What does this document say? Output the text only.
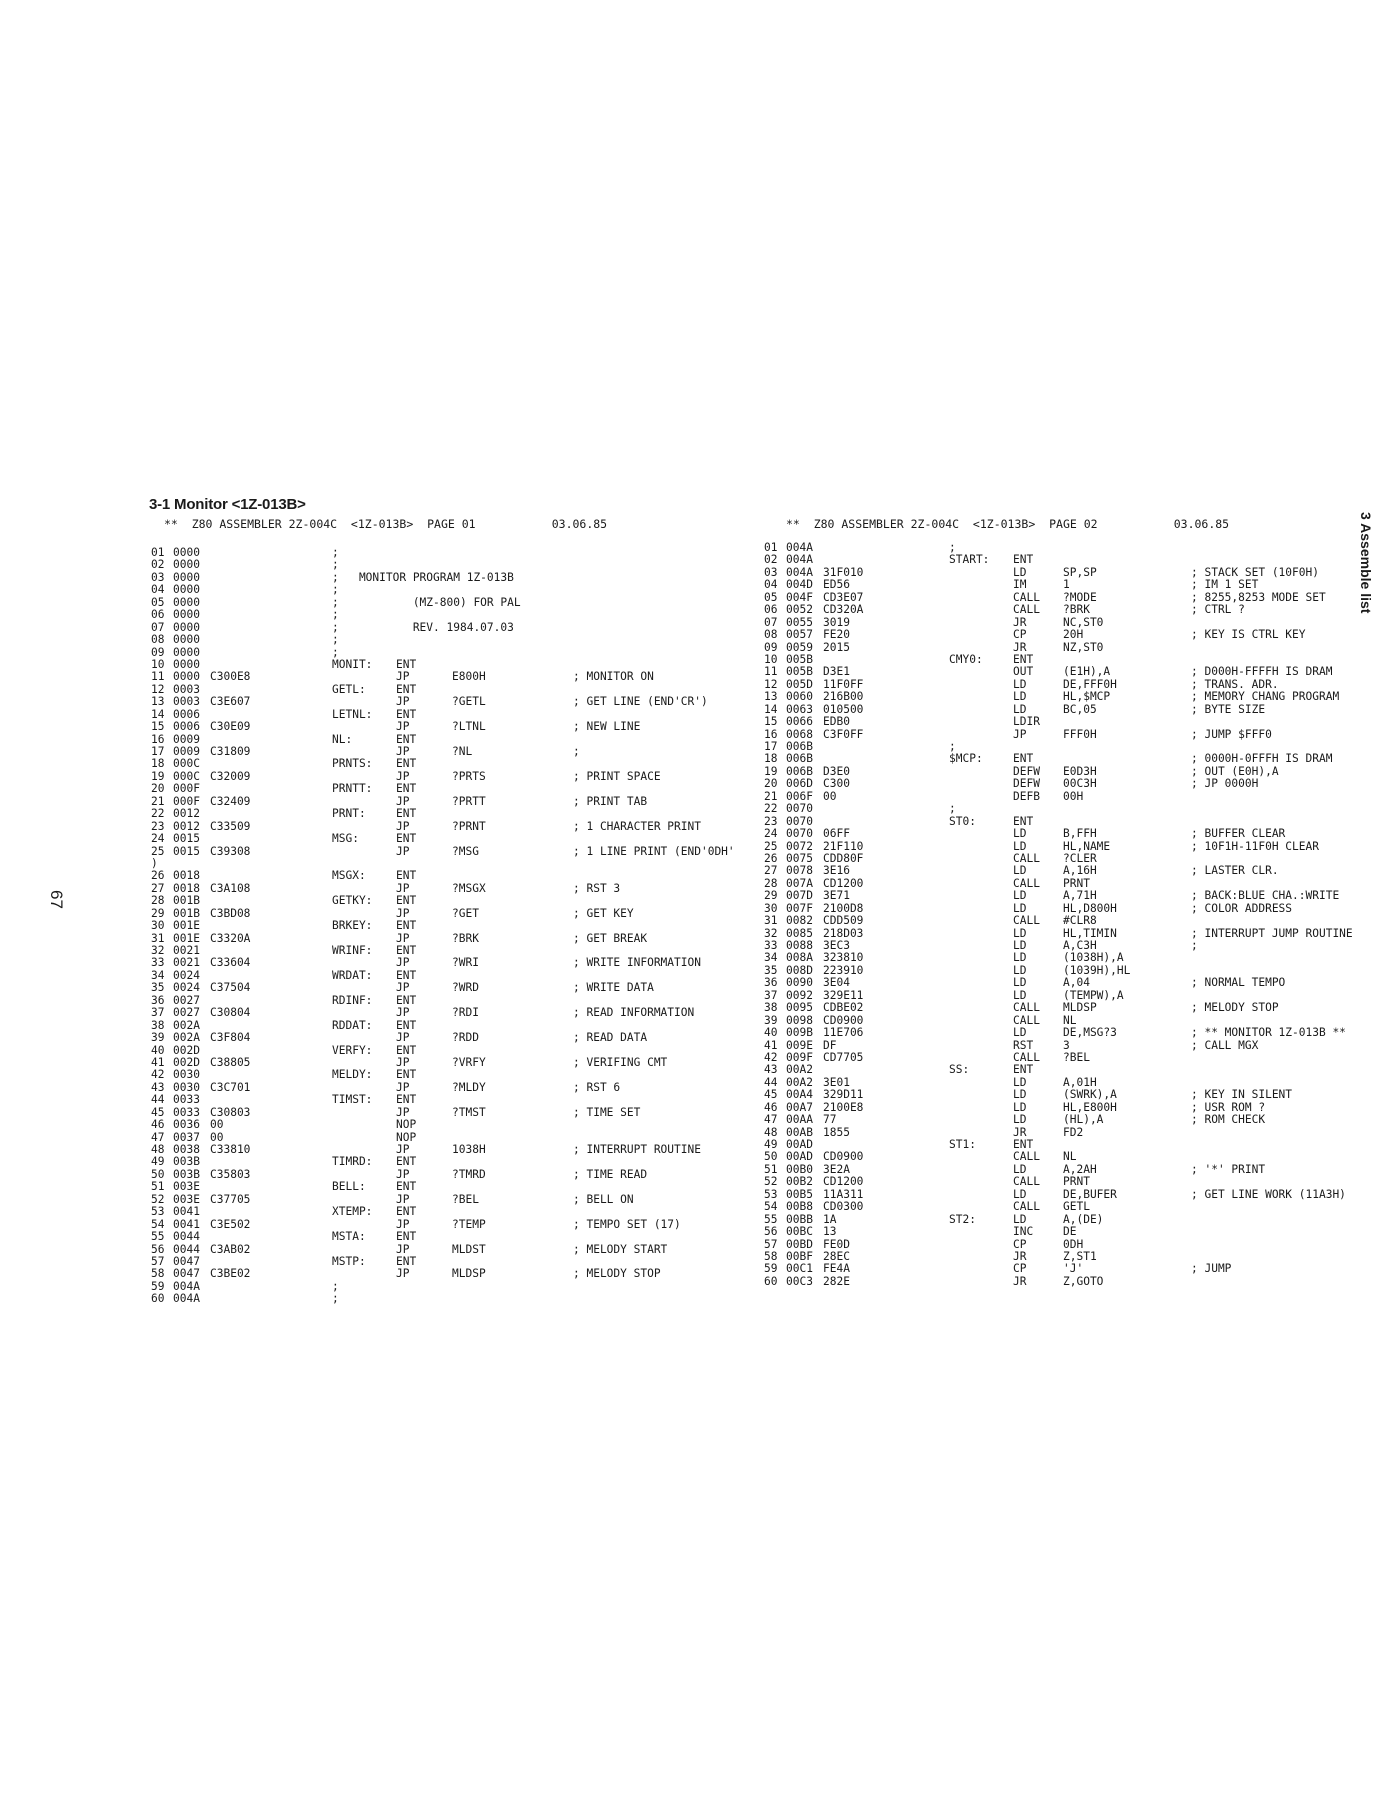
3-1 Monitor <1Z-013B>
**  Z80 ASSEMBLER 2Z-004C  <1Z-013B>  PAGE 01           03.06.85	**  Z80 ASSEMBLER 2Z-004C  <1Z-013B>  PAGE 02           03.06.85
01 0000	;
02 0000	;
03 0000	;   MONITOR PROGRAM 1Z-013B
04 0000	;
05 0000	;           (MZ-800) FOR PAL
06 0000	;
07 0000	;           REV. 1984.07.03
08 0000	;
09 0000	;
10 0000	MONIT: ENT
11 0000 C300E8	JP	E800H	; MONITOR ON
12 0003	GETL:	ENT
13 0003 C3E607	JP	?GETL	; GET LINE (END'CR')
14 0006	LETNL: ENT
15 0006 C30E09	JP	?LTNL	; NEW LINE
16 0009	NL:	ENT
17 0009 C31809	JP	?NL	;
18 000C	PRNTS: ENT
19 000C C32009	JP	?PRTS	; PRINT SPACE
20 000F	PRNTT: ENT
21 000F C32409	JP	?PRTT	; PRINT TAB
22 0012	PRNT:	ENT
23 0012 C33509	JP	?PRNT	; 1 CHARACTER PRINT
24 0015	MSG:	ENT
25 0015 C39308	JP	?MSG	; 1 LINE PRINT (END'0DH'
)
26 0018	MSGX:	ENT
27 0018 C3A108	JP	?MSGX	; RST 3
28 001B	GETKY: ENT
29 001B C3BD08	JP	?GET	; GET KEY
30 001E	BRKEY: ENT
31 001E C3320A	JP	?BRK	; GET BREAK
32 0021	WRINF: ENT
33 0021 C33604	JP	?WRI	; WRITE INFORMATION
34 0024	WRDAT: ENT
35 0024 C37504	JP	?WRD	; WRITE DATA
36 0027	RDINF: ENT
37 0027 C30804	JP	?RDI	; READ INFORMATION
38 002A	RDDAT: ENT
39 002A C3F804	JP	?RDD	; READ DATA
40 002D	VERFY: ENT
41 002D C38805	JP	?VRFY	; VERIFING CMT
42 0030	MELDY: ENT
43 0030 C3C701	JP	?MLDY	; RST 6
44 0033	TIMST: ENT
45 0033 C30803	JP	?TMST	; TIME SET
46 0036 00	NOP
47 0037 00	NOP
48 0038 C33810	JP	1038H	; INTERRUPT ROUTINE
49 003B	TIMRD: ENT
50 003B C35803	JP	?TMRD	; TIME READ
51 003E	BELL:	ENT
52 003E C37705	JP	?BEL	; BELL ON
53 0041	XTEMP: ENT
54 0041 C3E502	JP	?TEMP	; TEMPO SET (17)
55 0044	MSTA:	ENT
56 0044 C3AB02	JP	MLDST	; MELODY START
57 0047	MSTP:	ENT
58 0047 C3BE02	JP	MLDSP	; MELODY STOP
59 004A	;
60 004A	;
01 004A	;
02 004A	START: ENT
03 004A 31F010	LD	SP,SP	; STACK SET (10F0H)
04 004D ED56	IM	1	; IM 1 SET
05 004F CD3E07	CALL ?MODE	; 8255,8253 MODE SET
06 0052 CD320A	CALL ?BRK	; CTRL ?
07 0055 3019	JR	NC,ST0
08 0057 FE20	CP	20H	; KEY IS CTRL KEY
09 0059 2015	JR	NZ,ST0
10 005B	CMY0:	ENT
11 005B D3E1	OUT	(E1H),A	; D000H-FFFFH IS DRAM
12 005D 11F0FF	LD	DE,FFF0H	; TRANS. ADR.
13 0060 216B00	LD	HL,$MCP	; MEMORY CHANG PROGRAM
14 0063 010500	LD	BC,05	; BYTE SIZE
15 0066 EDB0	LDIR
16 0068 C3F0FF	JP	FFF0H	; JUMP $FFF0
17 006B	;
18 006B	$MCP:	ENT	; 0000H-0FFFH IS DRAM
19 006B D3E0	DEFW E0D3H	; OUT (E0H),A
20 006D C300	DEFW 00C3H	; JP 0000H
21 006F 00	DEFB 00H
22 0070	;
23 0070	ST0:	ENT
24 0070 06FF	LD	B,FFH	; BUFFER CLEAR
25 0072 21F110	LD	HL,NAME	; 10F1H-11F0H CLEAR
26 0075 CDD80F	CALL ?CLER
27 0078 3E16	LD	A,16H	; LASTER CLR.
28 007A CD1200	CALL PRNT
29 007D 3E71	LD	A,71H	; BACK:BLUE CHA.:WRITE
30 007F 2100D8	LD	HL,D800H	; COLOR ADDRESS
31 0082 CDD509	CALL #CLR8
32 0085 218D03	LD	HL,TIMIN	; INTERRUPT JUMP ROUTINE
33 0088 3EC3	LD	A,C3H	;
34 008A 323810	LD	(1038H),A
35 008D 223910	LD	(1039H),HL
36 0090 3E04	LD	A,04	; NORMAL TEMPO
37 0092 329E11	LD	(TEMPW),A
38 0095 CDBE02	CALL MLDSP	; MELODY STOP
39 0098 CD0900	CALL NL
40 009B 11E706	LD	DE,MSG?3	; ** MONITOR 1Z-013B **
41 009E DF	RST	3	; CALL MGX
42 009F CD7705	CALL ?BEL
43 00A2	SS:	ENT
44 00A2 3E01	LD	A,01H
45 00A4 329D11	LD	(SWRK),A	; KEY IN SILENT
46 00A7 2100E8	LD	HL,E800H	; USR ROM ?
47 00AA 77	LD	(HL),A	; ROM CHECK
48 00AB 1855	JR	FD2
49 00AD	ST1:	ENT
50 00AD CD0900	CALL NL
51 00B0 3E2A	LD	A,2AH	; '*' PRINT
52 00B2 CD1200	CALL PRNT
53 00B5 11A311	LD	DE,BUFER	; GET LINE WORK (11A3H)
54 00B8 CD0300	CALL GETL
55 00BB 1A	ST2:	LD	A,(DE)
56 00BC 13	INC	DE
57 00BD FE0D	CP	0DH
58 00BF 28EC	JR	Z,ST1
59 00C1 FE4A	CP	'J'	; JUMP
60 00C3 282E	JR	Z,GOTO
67
3 Assemble list
